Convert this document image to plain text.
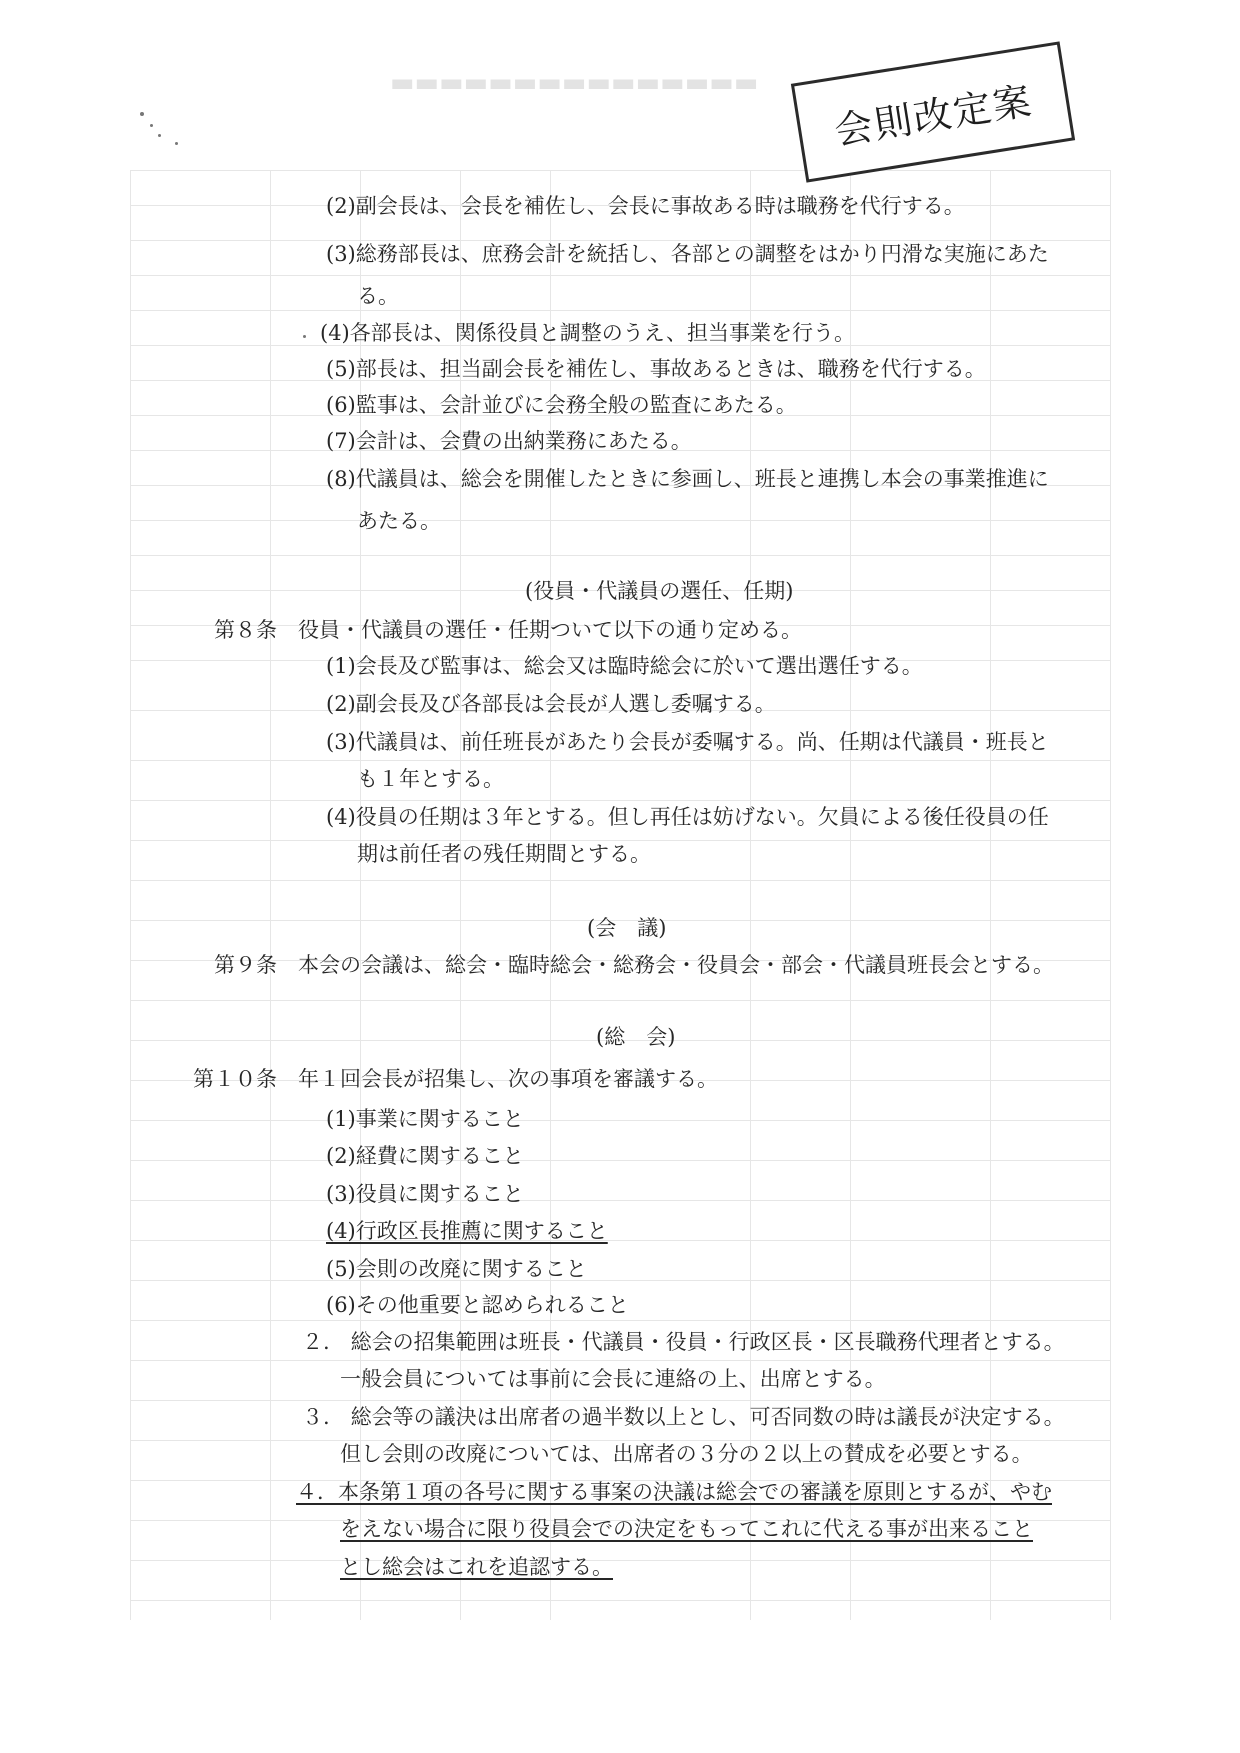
▬▬▬▬▬▬▬▬▬▬▬▬▬▬▬ 会則改定案
(2)副会長は、会長を補佐し、会長に事故ある時は職務を代行する。
(3)総務部長は、庶務会計を統括し、各部との調整をはかり円滑な実施にあた
る。
(4)各部長は、関係役員と調整のうえ、担当事業を行う。
(5)部長は、担当副会長を補佐し、事故あるときは、職務を代行する。
(6)監事は、会計並びに会務全般の監査にあたる。
(7)会計は、会費の出納業務にあたる。
(8)代議員は、総会を開催したときに参画し、班長と連携し本会の事業推進に
あたる。
(役員・代議員の選任、任期)
第８条　役員・代議員の選任・任期ついて以下の通り定める。
(1)会長及び監事は、総会又は臨時総会に於いて選出選任する。
(2)副会長及び各部長は会長が人選し委嘱する。
(3)代議員は、前任班長があたり会長が委嘱する。尚、任期は代議員・班長と
も１年とする。
(4)役員の任期は３年とする。但し再任は妨げない。欠員による後任役員の任
期は前任者の残任期間とする。
(会　議)
第９条　本会の会議は、総会・臨時総会・総務会・役員会・部会・代議員班長会とする。
(総　会)
第１０条　年１回会長が招集し、次の事項を審議する。
(1)事業に関すること
(2)経費に関すること
(3)役員に関すること
(4)行政区長推薦に関すること
(5)会則の改廃に関すること
(6)その他重要と認められること
２.　総会の招集範囲は班長・代議員・役員・行政区長・区長職務代理者とする。
一般会員については事前に会長に連絡の上、出席とする。
３.　総会等の議決は出席者の過半数以上とし、可否同数の時は議長が決定する。
但し会則の改廃については、出席者の３分の２以上の賛成を必要とする。
４．本条第１項の各号に関する事案の決議は総会での審議を原則とするが、やむ
をえない場合に限り役員会での決定をもってこれに代える事が出来ること
とし総会はこれを追認する。
